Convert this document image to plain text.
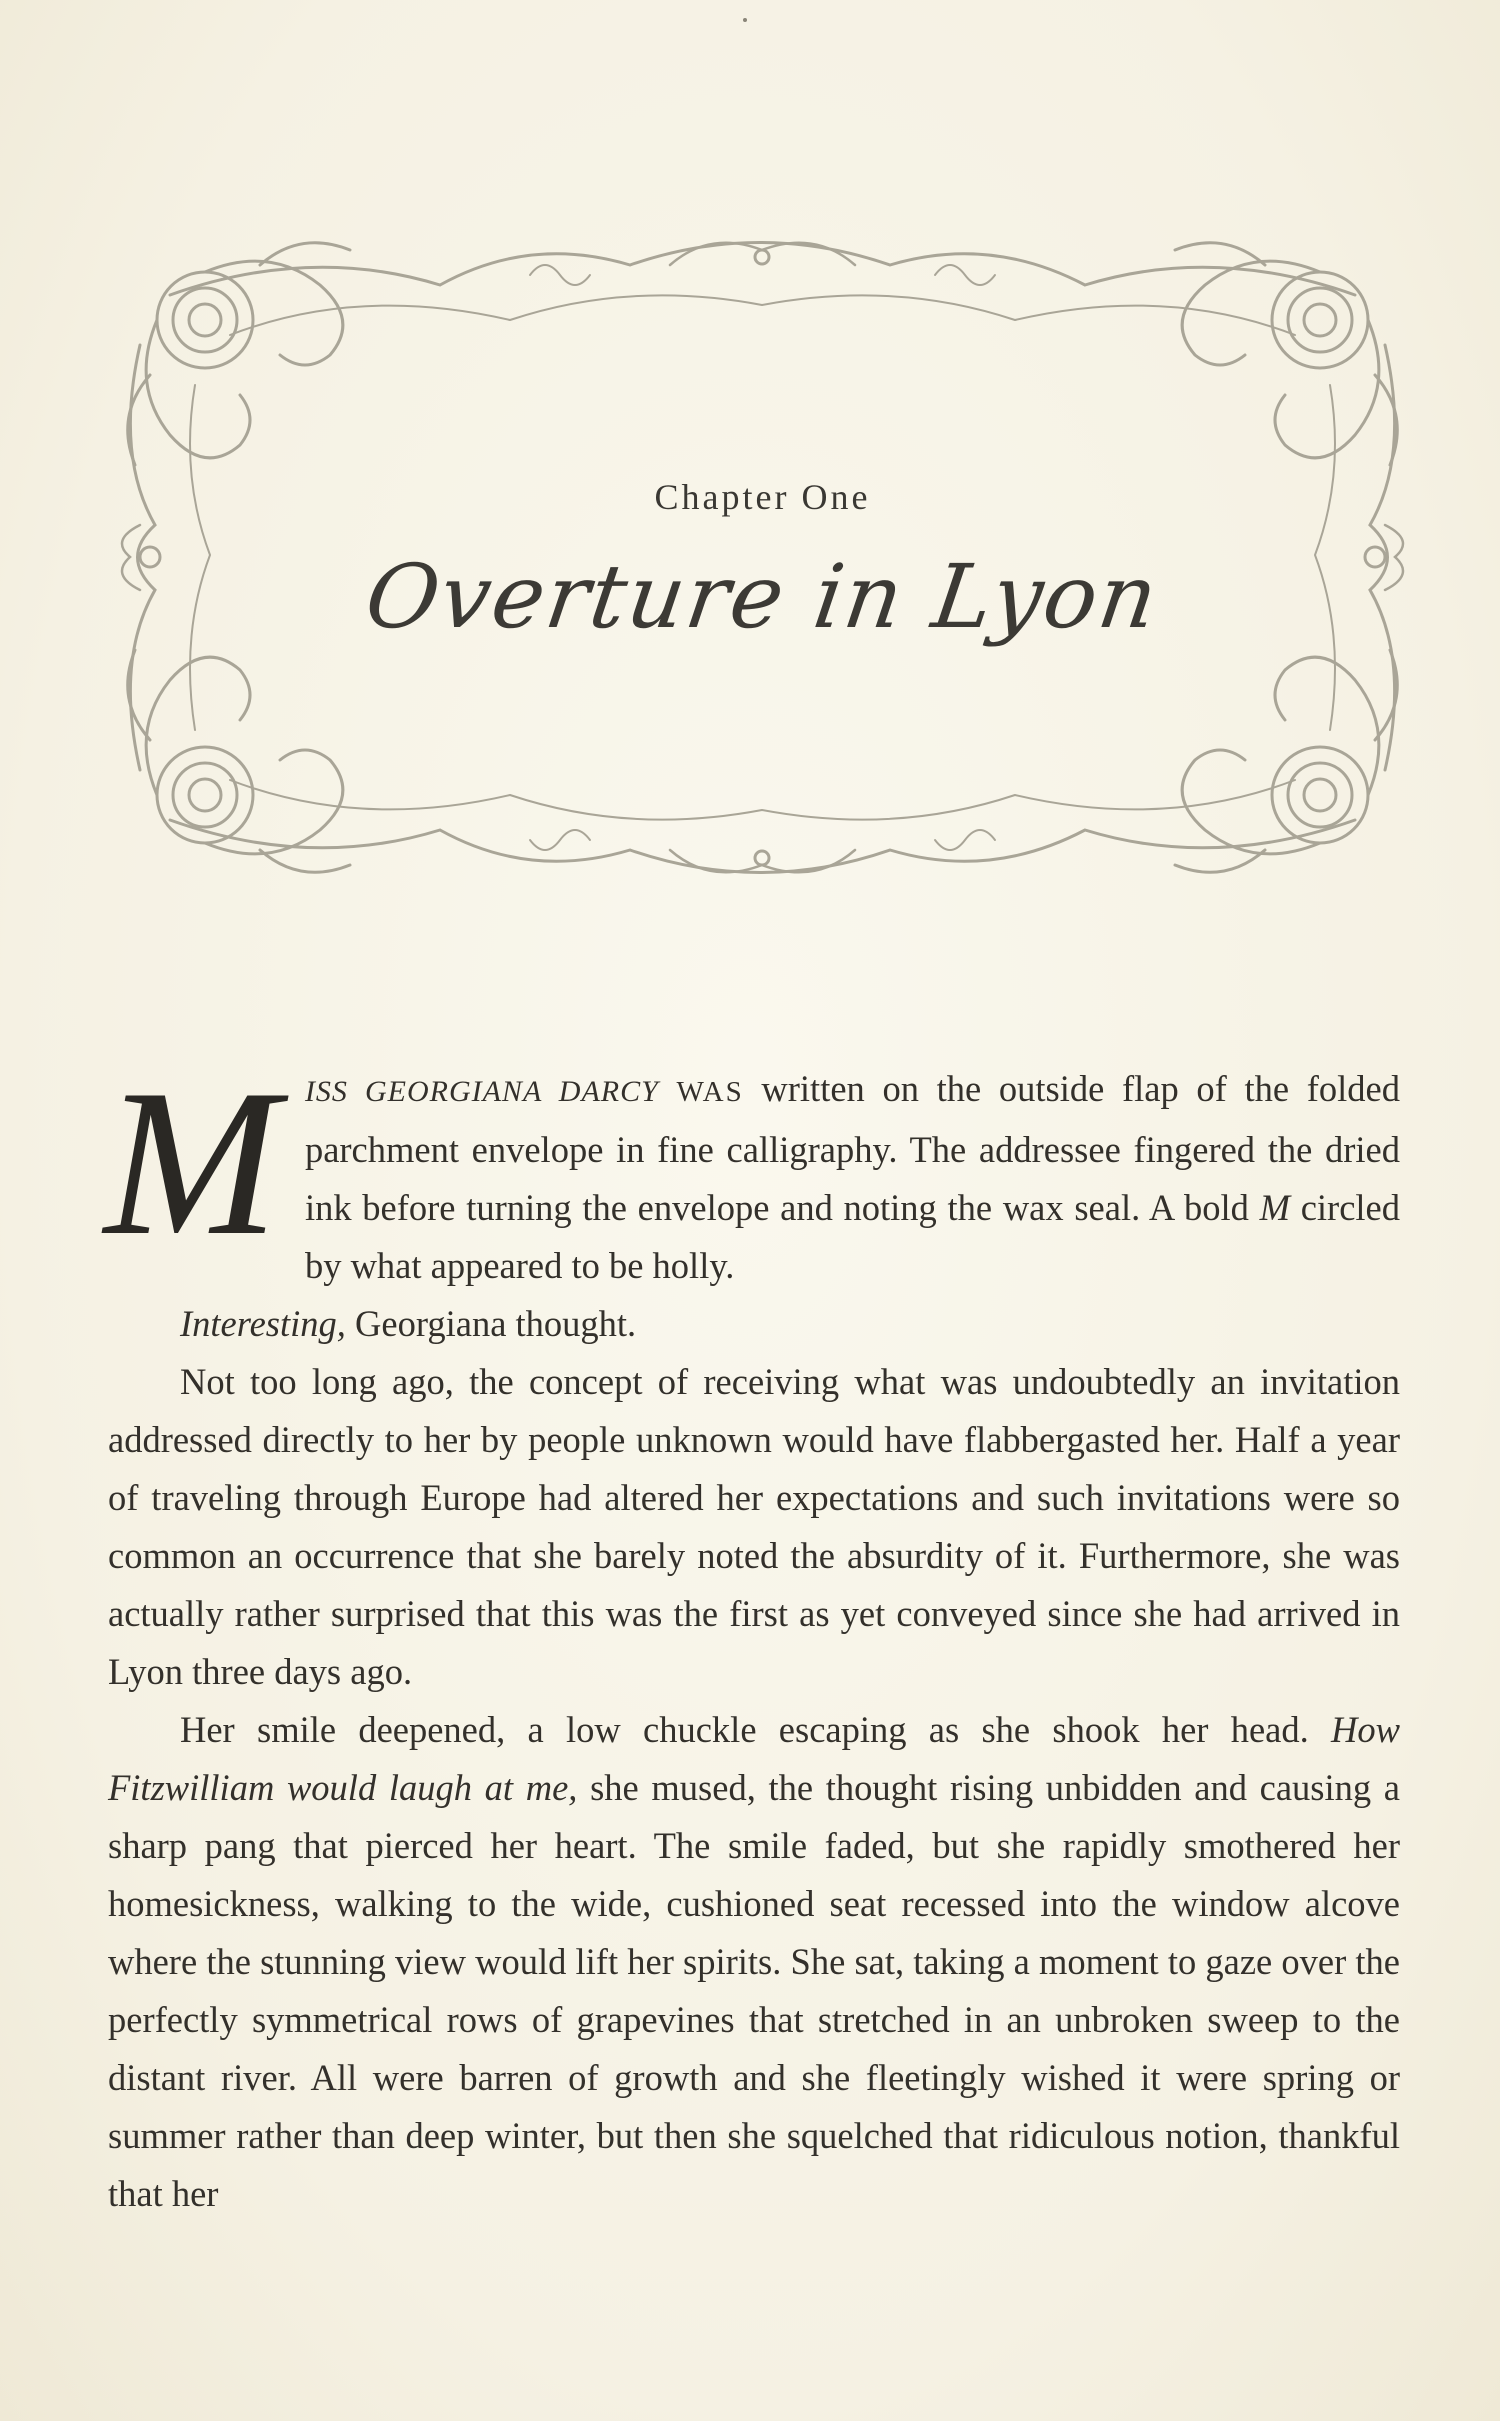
Chapter One
Overture in Lyon

MISS GEORGIANA DARCY WAS written on the outside flap of the folded parchment envelope in fine calligraphy. The addressee fingered the dried ink before turning the envelope and noting the wax seal. A bold M circled by what appeared to be holly.

Interesting, Georgiana thought.

Not too long ago, the concept of receiving what was undoubtedly an invitation addressed directly to her by people unknown would have flabbergasted her. Half a year of traveling through Europe had altered her expectations and such invitations were so common an occurrence that she barely noted the absurdity of it. Furthermore, she was actually rather surprised that this was the first as yet conveyed since she had arrived in Lyon three days ago.

Her smile deepened, a low chuckle escaping as she shook her head. How Fitzwilliam would laugh at me, she mused, the thought rising unbidden and causing a sharp pang that pierced her heart. The smile faded, but she rapidly smothered her homesickness, walking to the wide, cushioned seat recessed into the window alcove where the stunning view would lift her spirits. She sat, taking a moment to gaze over the perfectly symmetrical rows of grapevines that stretched in an unbroken sweep to the distant river. All were barren of growth and she fleetingly wished it were spring or summer rather than deep winter, but then she squelched that ridiculous notion, thankful that her
